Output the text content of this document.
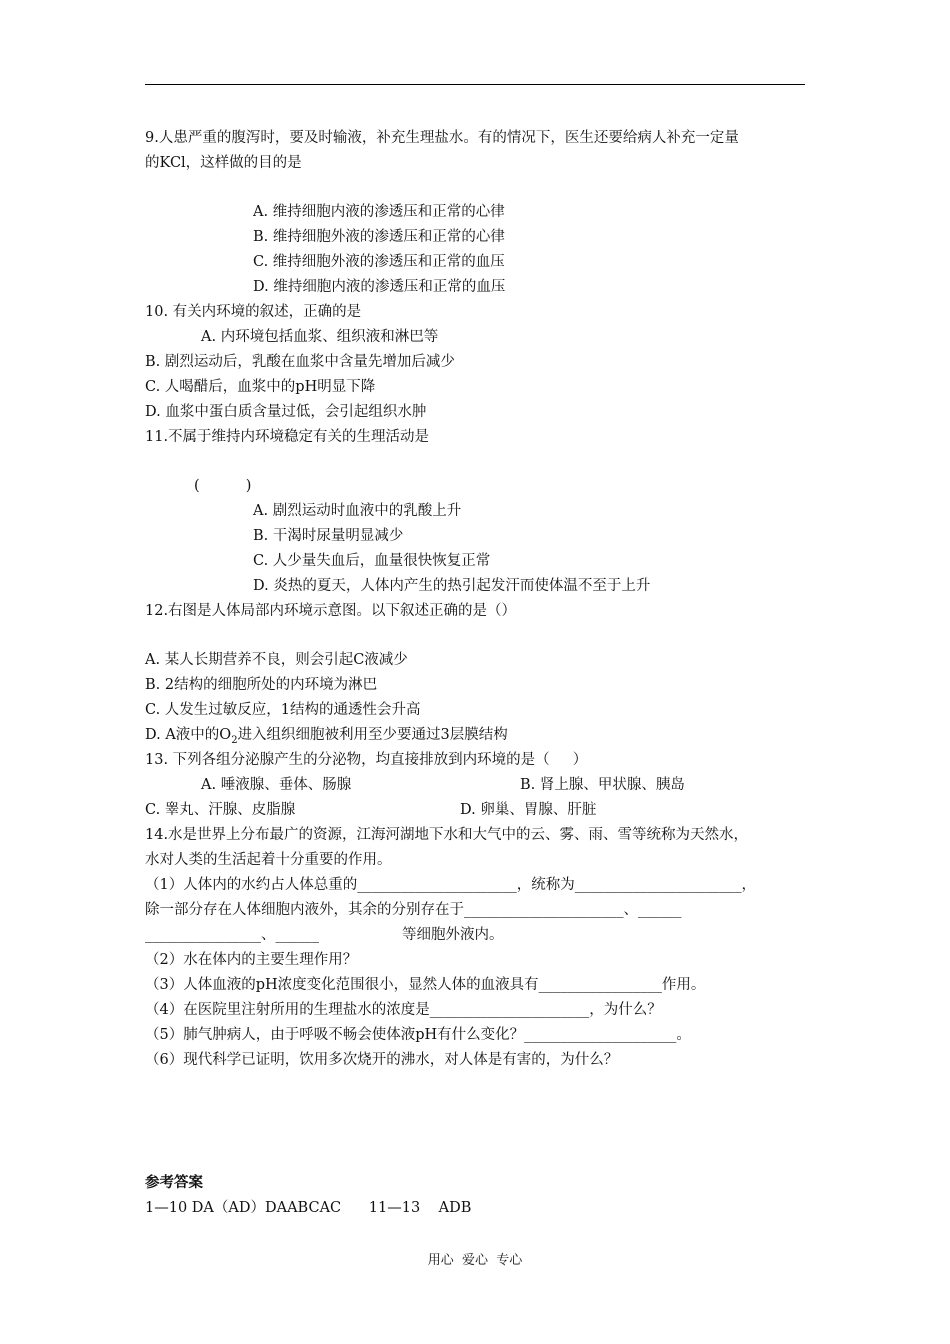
9.人患严重的腹泻时，要及时输液，补充生理盐水。有的情况下，医生还要给病人补充一定量
的KCl，这样做的目的是
A. 维持细胞内液的渗透压和正常的心律
B. 维持细胞外液的渗透压和正常的心律
C. 维持细胞外液的渗透压和正常的血压
D. 维持细胞内液的渗透压和正常的血压
10. 有关内环境的叙述，正确的是
A. 内环境包括血浆、组织液和淋巴等
B. 剧烈运动后，乳酸在血浆中含量先增加后减少
C. 人喝醋后，血浆中的pH明显下降
D. 血浆中蛋白质含量过低，会引起组织水肿
11.不属于维持内环境稳定有关的生理活动是
(          )
A. 剧烈运动时血液中的乳酸上升
B. 干渴时尿量明显减少
C. 人少量失血后，血量很快恢复正常
D. 炎热的夏天，人体内产生的热引起发汗而使体温不至于上升
12.右图是人体局部内环境示意图。以下叙述正确的是（）
A. 某人长期营养不良，则会引起C液减少
B. 2结构的细胞所处的内环境为淋巴
C. 人发生过敏反应，1结构的通透性会升高
D. A液中的$O_2$进入组织细胞被利用至少要通过3层膜结构
13. 下列各组分泌腺产生的分泌物，均直接排放到内环境的是（     ）
A. 唾液腺、垂体、肠腺	B. 肾上腺、甲状腺、胰岛
C. 睾丸、汗腺、皮脂腺	D. 卵巢、胃腺、肝脏
14.水是世界上分布最广的资源，江海河湖地下水和大气中的云、雾、雨、雪等统称为天然水，
水对人类的生活起着十分重要的作用。
（1）人体内的水约占人体总重的______________________，统称为_______________________，
除一部分存在人体细胞内液外，其余的分别存在于______________________、______
________________、______                  等细胞外液内。
（2）水在体内的主要生理作用？
（3）人体血液的pH浓度变化范围很小，显然人体的血液具有_________________作用。
（4）在医院里注射所用的生理盐水的浓度是______________________，为什么？
（5）肺气肿病人，由于呼吸不畅会使体液pH有什么变化？_____________________。
（6）现代科学已证明，饮用多次烧开的沸水，对人体是有害的，为什么？
参考答案
1—10 DA（AD）DAABCAC      11—13    ADB
用心  爱心  专心
